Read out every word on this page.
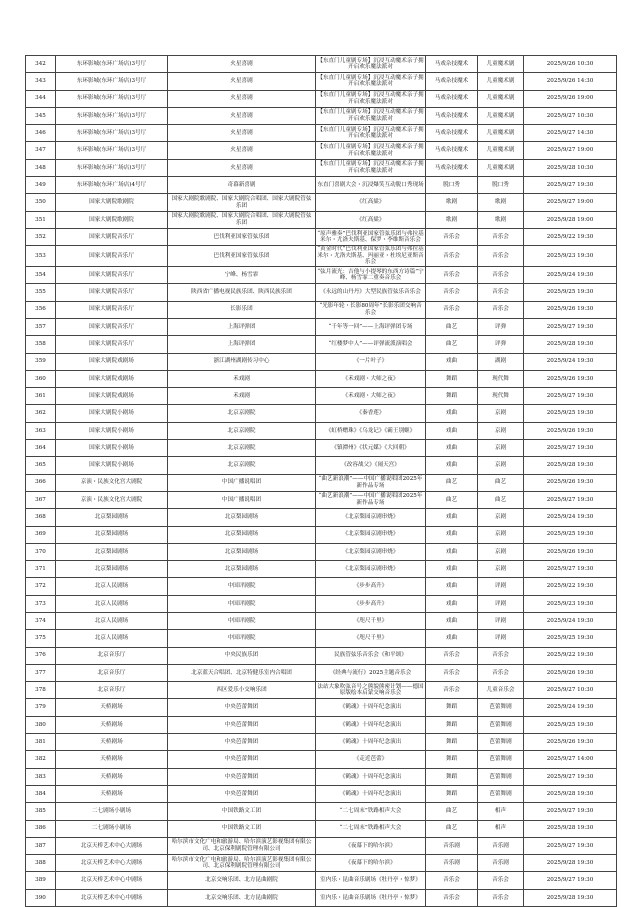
342	东环影城(东环广场店)3号厅	火星喜剧	【东直门儿童剧专场】沉浸互动魔术亲子拥开启欢乐魔法派对	马戏杂技魔术	儿童魔术剧	2025/9/26 10:30
343	东环影城(东环广场店)3号厅	火星喜剧	【东直门儿童剧专场】沉浸互动魔术亲子拥开启欢乐魔法派对	马戏杂技魔术	儿童魔术剧	2025/9/26 14:30
344	东环影城(东环广场店)3号厅	火星喜剧	【东直门儿童剧专场】沉浸互动魔术亲子拥开启欢乐魔法派对	马戏杂技魔术	儿童魔术剧	2025/9/26 19:00
345	东环影城(东环广场店)3号厅	火星喜剧	【东直门儿童剧专场】沉浸互动魔术亲子拥开启欢乐魔法派对	马戏杂技魔术	儿童魔术剧	2025/9/27 10:30
346	东环影城(东环广场店)3号厅	火星喜剧	【东直门儿童剧专场】沉浸互动魔术亲子拥开启欢乐魔法派对	马戏杂技魔术	儿童魔术剧	2025/9/27 14:30
347	东环影城(东环广场店)3号厅	火星喜剧	【东直门儿童剧专场】沉浸互动魔术亲子拥开启欢乐魔法派对	马戏杂技魔术	儿童魔术剧	2025/9/27 19:00
348	东环影城(东环广场店)3号厅	火星喜剧	【东直门儿童剧专场】沉浸互动魔术亲子拥开启欢乐魔法派对	马戏杂技魔术	儿童魔术剧	2025/9/28 10:30
349	东环影城(东环广场店)4号厅	奇幕新喜剧	东直门喜剧大会・沉浸爆笑互动脱口秀现场	脱口秀	脱口秀	2025/9/27 19:30
350	国家大剧院歌剧院	国家大剧院歌剧院、国家大剧院合唱团、国家大剧院管弦乐团	《红高粱》	歌剧	歌剧	2025/9/27 19:00
351	国家大剧院歌剧院	国家大剧院歌剧院、国家大剧院合唱团、国家大剧院管弦乐团	《红高粱》	歌剧	歌剧	2025/9/28 19:00
352	国家大剧院音乐厅	巴伐利亚国家管弦乐团	“原声雅奏”巴伐利亚国家管弦乐团与弗拉基米尔・尤洛夫斯基、保罗・李维斯音乐会	音乐会	音乐会	2025/9/22 19:30
353	国家大剧院音乐厅	巴伐利亚国家管弦乐团	“黄金时代”巴伐利亚国家管弦乐团与弗拉基米尔・尤洛夫斯基、玛丽亚・杜埃尼亚斯音乐会	音乐会	音乐会	2025/9/23 19:30
354	国家大剧院音乐厅	宁峰、杨雪霏	“弦月流光：吉他与小提琴的东西方诗篇”宁峰、杨雪霏二重奏音乐会	音乐会	音乐会	2025/9/24 19:30
355	国家大剧院音乐厅	陕西省广播电视民族乐团、陕西民族乐团	《永远的山丹丹》大型民族管弦乐音乐会	音乐会	音乐会	2025/9/25 19:30
356	国家大剧院音乐厅	长影乐团	“光影年轮・长影80周年”长影乐团交响音乐会	音乐会	音乐会	2025/9/26 19:30
357	国家大剧院音乐厅	上海评弹团	“千年等一回”——上海评弹团专场	曲艺	评弹	2025/9/27 19:30
358	国家大剧院音乐厅	上海评弹团	“红楼梦中人”——评弹流派演唱会	曲艺	评弹	2025/9/28 19:30
359	国家大剧院戏剧场	浙江湖州湖剧传习中心	《一片叶子》	戏曲	湖剧	2025/9/24 19:30
360	国家大剧院戏剧场	禾戏剧	《禾戏剧・大师之夜》	舞蹈	现代舞	2025/9/26 19:30
361	国家大剧院戏剧场	禾戏剧	《禾戏剧・大师之夜》	舞蹈	现代舞	2025/9/27 19:30
362	国家大剧院小剧场	北京京剧院	《秦香莲》	戏曲	京剧	2025/9/25 19:30
363	国家大剧院小剧场	北京京剧院	《虹桥赠珠》《乌龙记》《霸王别姬》	戏曲	京剧	2025/9/26 19:30
364	国家大剧院小剧场	北京京剧院	《镇潭州》《状元媒》《大回朝》	戏曲	京剧	2025/9/27 19:30
365	国家大剧院小剧场	北京京剧院	《改容战父》《闹天宫》	戏曲	京剧	2025/9/28 19:30
366	京演・民族文化宫大剧院	中国广播说唱团	“曲艺新浪潮”——中国广播说唱团2025年新作品专场	曲艺	曲艺	2025/9/26 19:30
367	京演・民族文化宫大剧院	中国广播说唱团	“曲艺新浪潮”——中国广播说唱团2025年新作品专场	曲艺	曲艺	2025/9/27 19:30
368	北京梨园剧场	北京梨园剧场	《北京梨园京剧串烧》	戏曲	京剧	2025/9/24 19:30
369	北京梨园剧场	北京梨园剧场	《北京梨园京剧串烧》	戏曲	京剧	2025/9/25 19:30
370	北京梨园剧场	北京梨园剧场	《北京梨园京剧串烧》	戏曲	京剧	2025/9/26 19:30
371	北京梨园剧场	北京梨园剧场	《北京梨园京剧串烧》	戏曲	京剧	2025/9/27 19:30
372	北京人民剧场	中国评剧院	《步步高升》	戏曲	评剧	2025/9/22 19:30
373	北京人民剧场	中国评剧院	《步步高升》	戏曲	评剧	2025/9/23 19:30
374	北京人民剧场	中国评剧院	《咫尺千里》	戏曲	评剧	2025/9/24 19:30
375	北京人民剧场	中国评剧院	《咫尺千里》	戏曲	评剧	2025/9/25 19:30
376	北京音乐厅	中央民族乐团	民族管弦乐音乐会《和平颂》	音乐会	音乐会	2025/9/22 19:30
377	北京音乐厅	北京蓝天合唱团、北京特健乐室内合唱团	《经典与流行》2025主题音乐会	音乐会	音乐会	2025/9/26 19:30
378	北京音乐厅	西区爱乐小交响乐团	法站大象吹弦音号之熊貌熊密计划——德国原版绘本启蒙交响音乐会	音乐会	儿童音乐会	2025/9/27 10:30
379	天桥剧场	中央芭蕾舞团	《鹤魂》十周年纪念演出	舞蹈	芭蕾舞剧	2025/9/24 19:30
380	天桥剧场	中央芭蕾舞团	《鹤魂》十周年纪念演出	舞蹈	芭蕾舞剧	2025/9/25 19:30
381	天桥剧场	中央芭蕾舞团	《鹤魂》十周年纪念演出	舞蹈	芭蕾舞剧	2025/9/26 19:30
382	天桥剧场	中央芭蕾舞团	《走近芭蕾》	舞蹈	芭蕾舞剧	2025/9/27 14:00
383	天桥剧场	中央芭蕾舞团	《鹤魂》十周年纪念演出	舞蹈	芭蕾舞剧	2025/9/27 19:30
384	天桥剧场	中央芭蕾舞团	《鹤魂》十周年纪念演出	舞蹈	芭蕾舞剧	2025/9/28 19:30
385	二七剧场小剧场	中国铁路文工团	“二七周末”铁路相声大会	曲艺	相声	2025/9/27 19:30
386	二七剧场小剧场	中国铁路文工团	“二七周末”铁路相声大会	曲艺	相声	2025/9/28 19:30
387	北京天桥艺术中心大剧场	哈尔滨市文化广电和旅游局、哈尔滨演艺影视集团有限公司、北京保利剧院管理有限公司	《夜幕下的哈尔滨》	音乐剧	音乐剧	2025/9/27 19:30
388	北京天桥艺术中心大剧场	哈尔滨市文化广电和旅游局、哈尔滨演艺影视集团有限公司、北京保利剧院管理有限公司	《夜幕下的哈尔滨》	音乐剧	音乐剧	2025/9/28 19:30
389	北京天桥艺术中心中剧场	北京交响乐团、北方昆曲剧院	室内乐・昆曲音乐剧场《牡丹亭・惊梦》	音乐会	音乐会	2025/9/27 19:30
390	北京天桥艺术中心中剧场	北京交响乐团、北方昆曲剧院	室内乐・昆曲音乐剧场《牡丹亭・惊梦》	音乐会	音乐会	2025/9/28 19:30
